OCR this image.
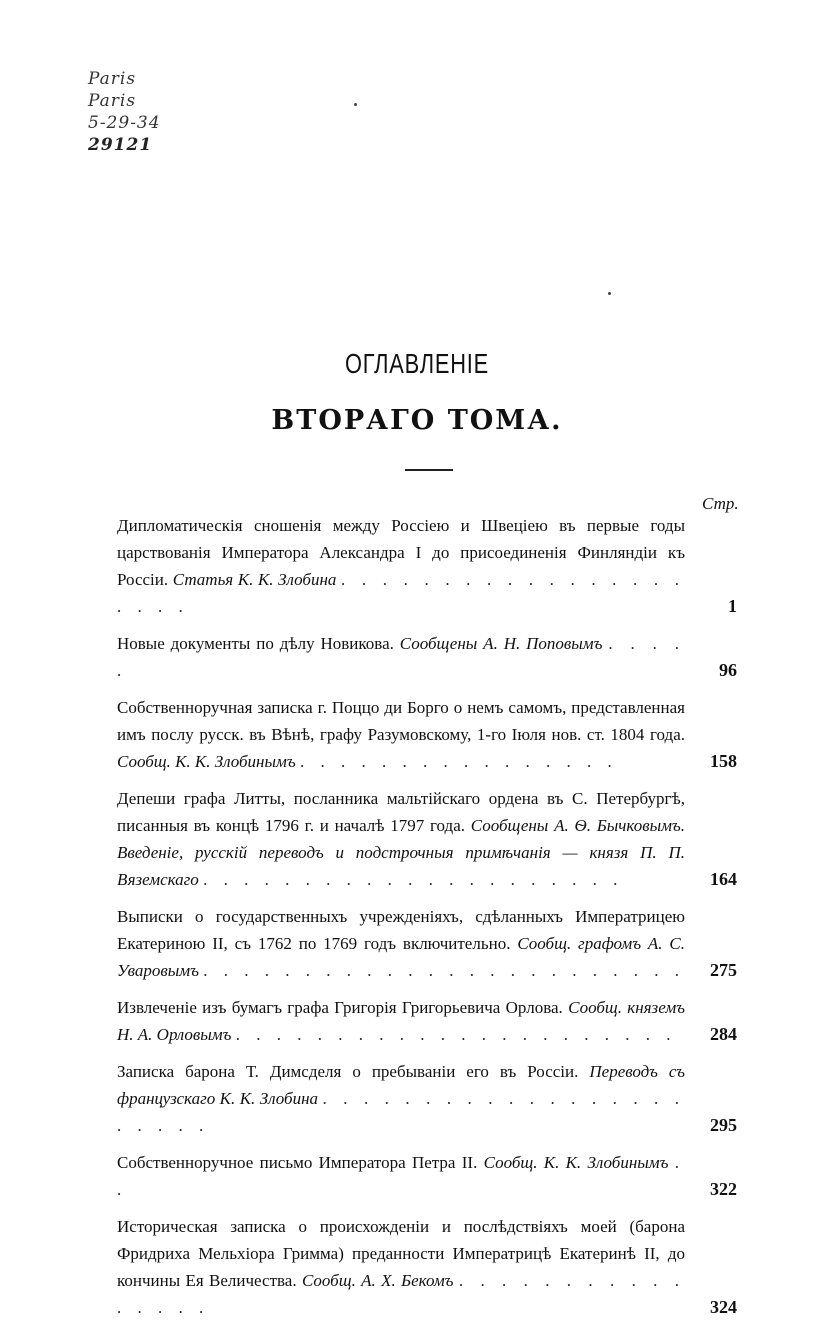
Paris
Paris
5-29-34
29121
ОГЛАВЛЕНІЕ
ВТОРАГО ТОМА.
Стр.
Дипломатическія сношенія между Россіею и Швеціею въ первые годы царствованія Императора Александра I до присоединенія Финляндіи къ Россіи. Статья К. К. Злобина . . . . . . . . . . . . . . . . . . . . .	1
Новые документы по дѣлу Новикова. Сообщены А. Н. Поповымъ . . . . .	96
Собственноручная записка г. Поццо ди Борго о немъ самомъ, представленная имъ послу русск. въ Вѣнѣ, графу Разумовскому, 1-го Іюля нов. ст. 1804 года. Сообщ. К. К. Злобинымъ . . . . . . . . . . . . . . . .	158
Депеши графа Литты, посланника мальтійскаго ордена въ С. Петербургѣ, писанныя въ концѣ 1796 г. и началѣ 1797 года. Сообщены А. Ѳ. Бычковымъ. Введеніе, русскій переводъ и подстрочныя примѣчанія — князя П. П. Вяземскаго . . . . . . . . . . . . . . . . . . . . .	164
Выписки о государственныхъ учрежденіяхъ, сдѣланныхъ Императрицею Екатериною II, съ 1762 по 1769 годъ включительно. Сообщ. графомъ А. С. Уваровымъ . . . . . . . . . . . . . . . . . . . . . . . .	275
Извлеченіе изъ бумагъ графа Григорія Григорьевича Орлова. Сообщ. княземъ Н. А. Орловымъ . . . . . . . . . . . . . . . . . . . . . .	284
Записка барона Т. Димсделя о пребываніи его въ Россіи. Переводъ съ французскаго К. К. Злобина . . . . . . . . . . . . . . . . . . . . . . .	295
Собственноручное письмо Императора Петра II. Сообщ. К. К. Злобинымъ . .	322
Историческая записка о происхожденіи и послѣдствіяхъ моей (барона Фридриха Мельхіора Гримма) преданности Императрицѣ Екатеринѣ II, до кончины Ея Величества. Сообщ. А. Х. Бекомъ . . . . . . . . . . . . . . . .	324
